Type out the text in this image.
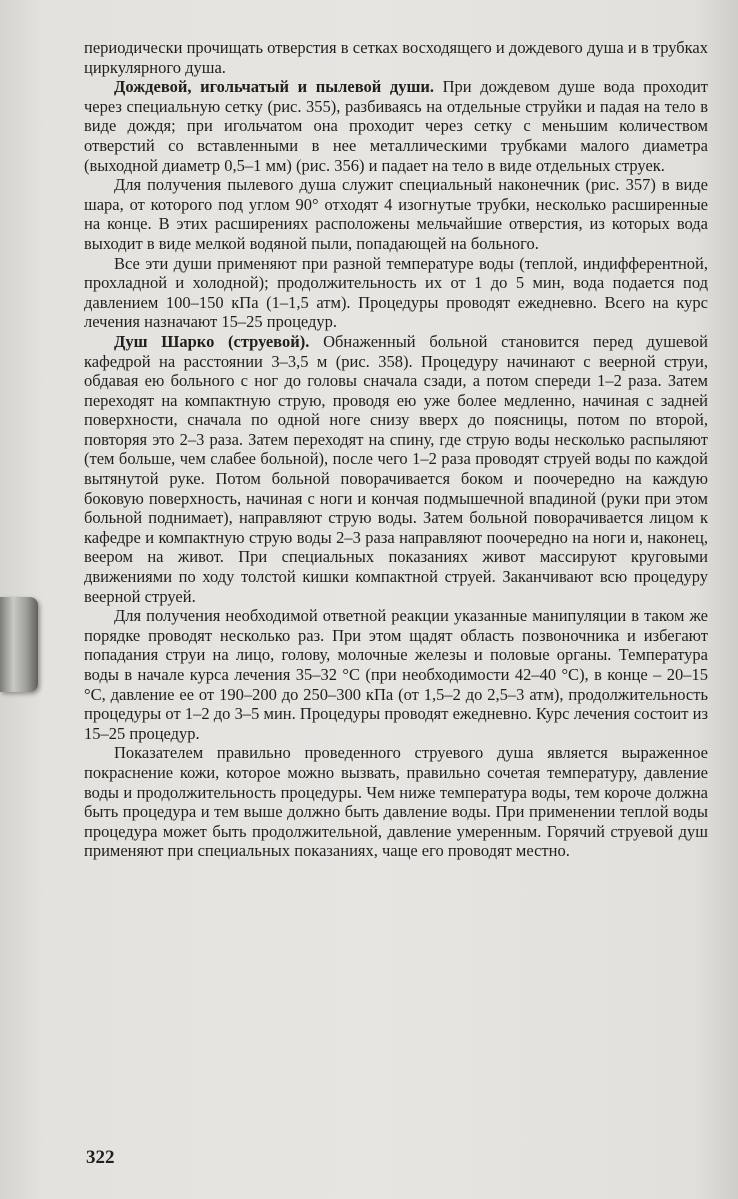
периодически прочищать отверстия в сетках восходящего и дождевого душа и в трубках циркулярного душа.

Дождевой, игольчатый и пылевой души. При дождевом душе вода проходит через специальную сетку (рис. 355), разбиваясь на отдельные струйки и падая на тело в виде дождя; при игольчатом она проходит через сетку с меньшим количеством отверстий со вставленными в нее металлическими трубками малого диаметра (выходной диаметр 0,5–1 мм) (рис. 356) и падает на тело в виде отдельных струек.

Для получения пылевого душа служит специальный наконечник (рис. 357) в виде шара, от которого под углом 90° отходят 4 изогнутые трубки, несколько расширенные на конце. В этих расширениях расположены мельчайшие отверстия, из которых вода выходит в виде мелкой водяной пыли, попадающей на больного.

Все эти души применяют при разной температуре воды (теплой, индифферентной, прохладной и холодной); продолжительность их от 1 до 5 мин, вода подается под давлением 100–150 кПа (1–1,5 атм). Процедуры проводят ежедневно. Всего на курс лечения назначают 15–25 процедур.

Душ Шарко (струевой). Обнаженный больной становится перед душевой кафедрой на расстоянии 3–3,5 м (рис. 358). Процедуру начинают с веерной струи, обдавая ею больного с ног до головы сначала сзади, а потом спереди 1–2 раза. Затем переходят на компактную струю, проводя ею уже более медленно, начиная с задней поверхности, сначала по одной ноге снизу вверх до поясницы, потом по второй, повторяя это 2–3 раза. Затем переходят на спину, где струю воды несколько распыляют (тем больше, чем слабее больной), после чего 1–2 раза проводят струей воды по каждой вытянутой руке. Потом больной поворачивается боком и поочередно на каждую боковую поверхность, начиная с ноги и кончая подмышечной впадиной (руки при этом больной поднимает), направляют струю воды. Затем больной поворачивается лицом к кафедре и компактную струю воды 2–3 раза направляют поочередно на ноги и, наконец, веером на живот. При специальных показаниях живот массируют круговыми движениями по ходу толстой кишки компактной струей. Заканчивают всю процедуру веерной струей.

Для получения необходимой ответной реакции указанные манипуляции в таком же порядке проводят несколько раз. При этом щадят область позвоночника и избегают попадания струи на лицо, голову, молочные железы и половые органы. Температура воды в начале курса лечения 35–32 °С (при необходимости 42–40 °С), в конце – 20–15 °С, давление ее от 190–200 до 250–300 кПа (от 1,5–2 до 2,5–3 атм), продолжительность процедуры от 1–2 до 3–5 мин. Процедуры проводят ежедневно. Курс лечения состоит из 15–25 процедур.

Показателем правильно проведенного струевого душа является выраженное покраснение кожи, которое можно вызвать, правильно сочетая температуру, давление воды и продолжительность процедуры. Чем ниже температура воды, тем короче должна быть процедура и тем выше должно быть давление воды. При применении теплой воды процедура может быть продолжительной, давление умеренным. Горячий струевой душ применяют при специальных показаниях, чаще его проводят местно.

322
